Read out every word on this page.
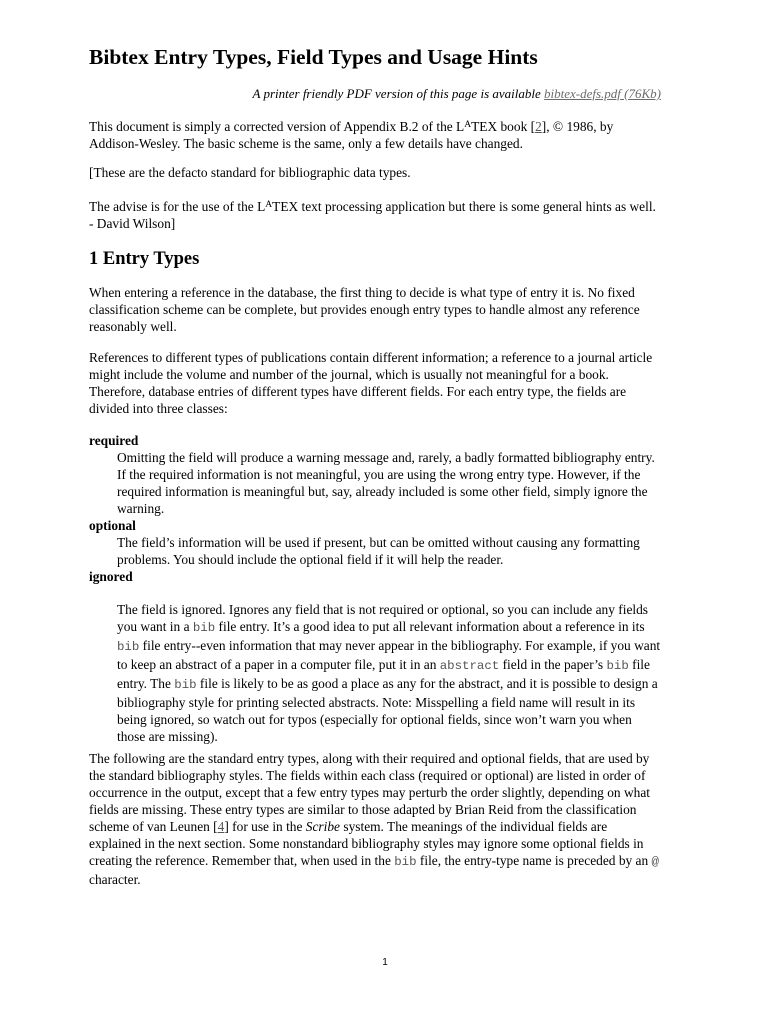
Bibtex Entry Types, Field Types and Usage Hints
A printer friendly PDF version of this page is available bibtex-defs.pdf (76Kb)

This document is simply a corrected version of Appendix B.2 of the $L^ATEX$ book [2], © 1986, by Addison-Wesley. The basic scheme is the same, only a few details have changed.

[These are the defacto standard for bibliographic data types.

The advise is for the use of the $L^ATEX$ text processing application but there is some general hints as well. - David Wilson]

1 Entry Types

When entering a reference in the database, the first thing to decide is what type of entry it is. No fixed classification scheme can be complete, but provides enough entry types to handle almost any reference reasonably well.

References to different types of publications contain different information; a reference to a journal article might include the volume and number of the journal, which is usually not meaningful for a book. Therefore, database entries of different types have different fields. For each entry type, the fields are divided into three classes:

required
Omitting the field will produce a warning message and, rarely, a badly formatted bibliography entry. If the required information is not meaningful, you are using the wrong entry type. However, if the required information is meaningful but, say, already included is some other field, simply ignore the warning.
optional
The field’s information will be used if present, but can be omitted without causing any formatting problems. You should include the optional field if it will help the reader.
ignored
The field is ignored. Ignores any field that is not required or optional, so you can include any fields you want in a bib file entry. It’s a good idea to put all relevant information about a reference in its bib file entry--even information that may never appear in the bibliography. For example, if you want to keep an abstract of a paper in a computer file, put it in an abstract field in the paper’s bib file entry. The bib file is likely to be as good a place as any for the abstract, and it is possible to design a bibliography style for printing selected abstracts. Note: Misspelling a field name will result in its being ignored, so watch out for typos (especially for optional fields, since won’t warn you when those are missing).

The following are the standard entry types, along with their required and optional fields, that are used by the standard bibliography styles. The fields within each class (required or optional) are listed in order of occurrence in the output, except that a few entry types may perturb the order slightly, depending on what fields are missing. These entry types are similar to those adapted by Brian Reid from the classification scheme of van Leunen [4] for use in the Scribe system. The meanings of the individual fields are explained in the next section. Some nonstandard bibliography styles may ignore some optional fields in creating the reference. Remember that, when used in the bib file, the entry-type name is preceded by an @ character.

1
